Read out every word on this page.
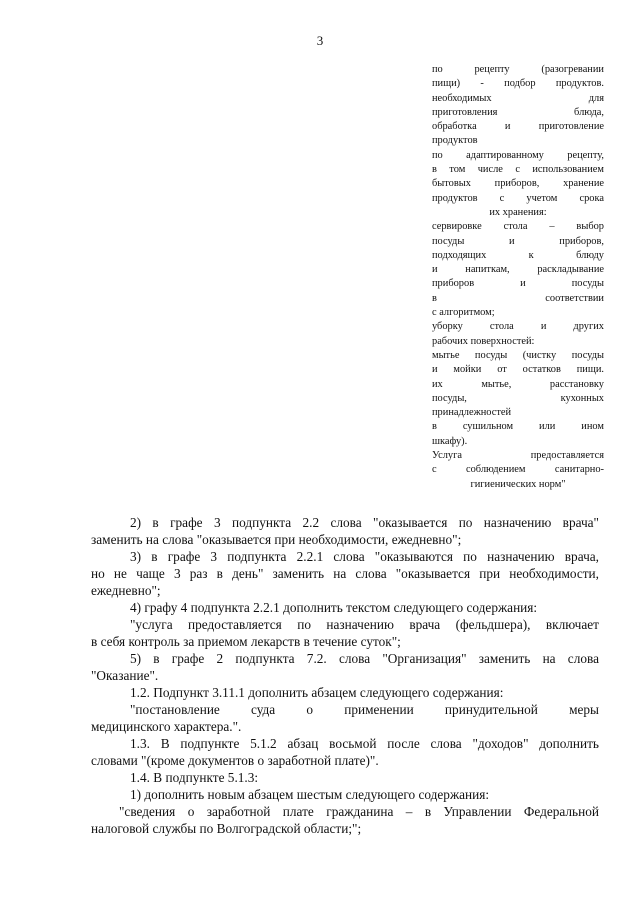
3
по рецепту (разогревании
пищи) - подбор продуктов.
необходимых для
приготовления блюда,
обработка и приготовление
продуктов
по адаптированному рецепту,
в том числе с использованием
бытовых приборов, хранение
продуктов с учетом срока
их хранения:
сервировке стола – выбор
посуды и приборов,
подходящих к блюду
и напиткам, раскладывание
приборов и посуды
в соответствии
с алгоритмом;
уборку стола и других
рабочих поверхностей:
мытье посуды (чистку посуды
и мойки от остатков пищи.
их мытье, расстановку
посуды, кухонных
принадлежностей
в сушильном или ином
шкафу).
Услуга предоставляется
с соблюдением санитарно-
гигиенических норм"
2) в графе 3 подпункта 2.2 слова "оказывается по назначению врача"
заменить на слова "оказывается при необходимости, ежедневно";
3) в графе 3 подпункта 2.2.1 слова "оказываются по назначению врача,
но не чаще 3 раз в день" заменить на слова "оказывается при необходимости,
ежедневно";
4) графу 4 подпункта 2.2.1 дополнить текстом следующего содержания:
"услуга предоставляется по назначению врача (фельдшера), включает
в себя контроль за приемом лекарств в течение суток";
5) в графе 2 подпункта 7.2. слова "Организация" заменить на слова
"Оказание".
1.2. Подпункт 3.11.1 дополнить абзацем следующего содержания:
"постановление суда о применении принудительной меры
медицинского характера.".
1.3. В подпункте 5.1.2 абзац восьмой после слова "доходов" дополнить
словами "(кроме документов о заработной плате)".
1.4. В подпункте 5.1.3:
1) дополнить новым абзацем шестым следующего содержания:
"сведения о заработной плате гражданина – в Управлении Федеральной
налоговой службы по Волгоградской области;";
